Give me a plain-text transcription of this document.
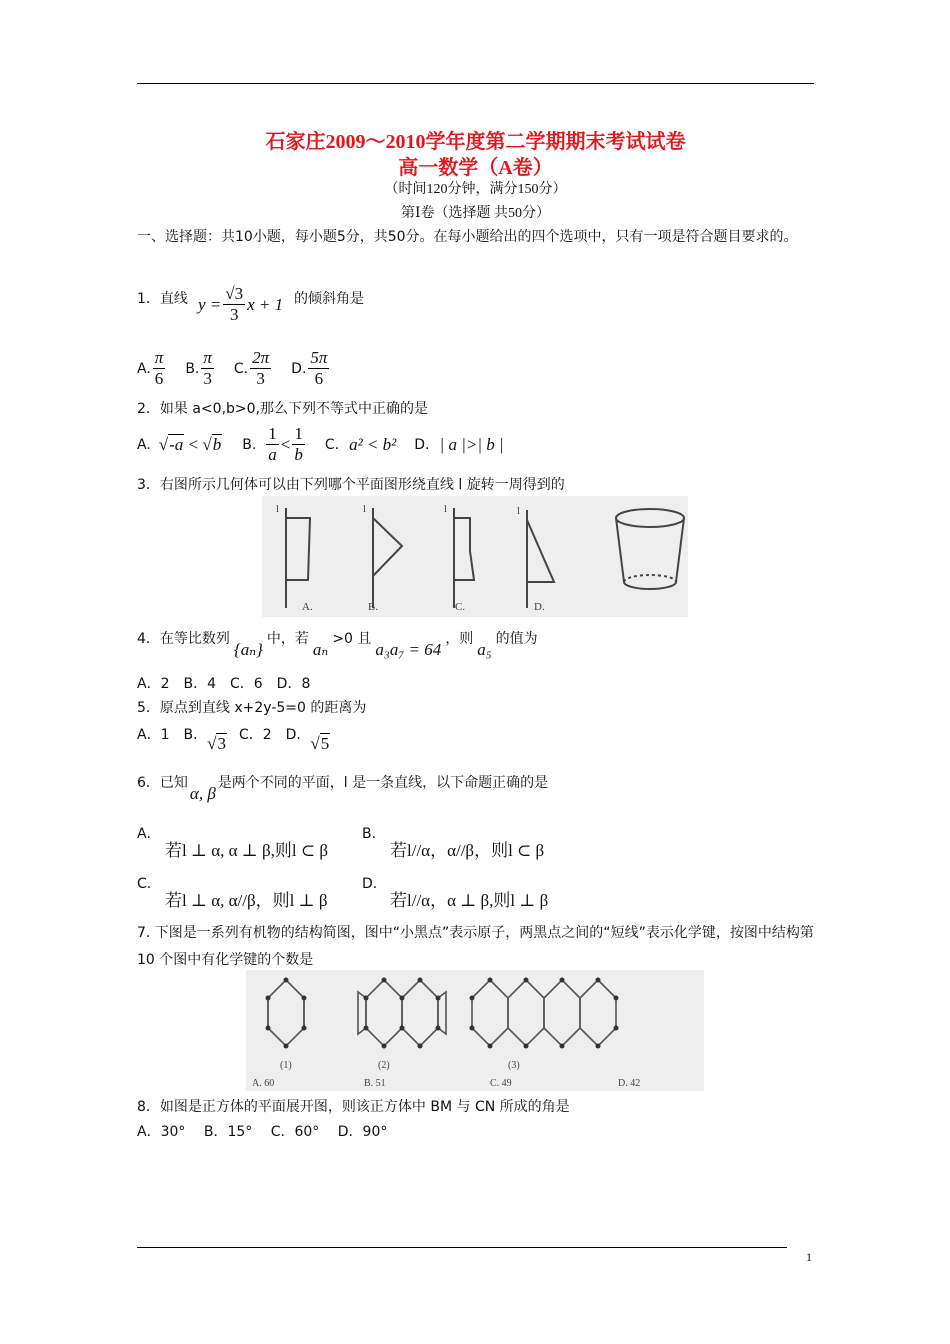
石家庄2009～2010学年度第二学期期末考试试卷
高一数学（A卷）
（时间120分钟，满分150分）
第Ⅰ卷（选择题 共50分）
一、选择题：共10小题，每小题5分，共50分。在每小题给出的四个选项中，只有一项是符合题目要求的。
1．直线 $y = \frac{√3}{3}$ x + 1 的倾斜角是
A. $\frac{\pi}{6} B$. $\frac{\pi}{3} C$. $\frac{2\pi}{3} D$. $\frac{5\pi}{6}$
2．如果 a<0,b>0,那么下列不等式中正确的是
A. √-a < √b B. $\frac{1}{a} < \frac{1}{b} C$. a² < b² D. | a |>| b |
3．右图所示几何体可以由下列哪个平面图形绕直线 l 旋转一周得到的
l	l	l	l
A.	B.	C.	D.
4．在等比数列
{aₙ}
中，若
aₙ
>0 且
a₃a₇ = 64
，则
a₅
的值为
A．2　B．4　C．6　D．8
5．原点到直线 x+2y-5=0 的距离为
A．1　B． √3 C．2　D． √5
6．已知
α, β
是两个不同的平面，l 是一条直线，以下命题正确的是
A.
若l ⊥ α, α ⊥ β,则l ⊂ β
B.
若l//α，α//β，则l ⊂ β
C.
若l ⊥ α, α//β，则l ⊥ β
D.
若l//α，α ⊥ β,则l ⊥ β
7. 下图是一系列有机物的结构简图，图中“小黑点”表示原子，两黑点之间的“短线”表示化学键，按图中结构第 10 个图中有化学键的个数是
(1)	(2)	(3)
A. 60	B. 51	C. 49	D. 42
8．如图是正方体的平面展开图，则该正方体中 BM 与 CN 所成的角是
A．30°　 B．15°　 C．60°　 D．90°
1
